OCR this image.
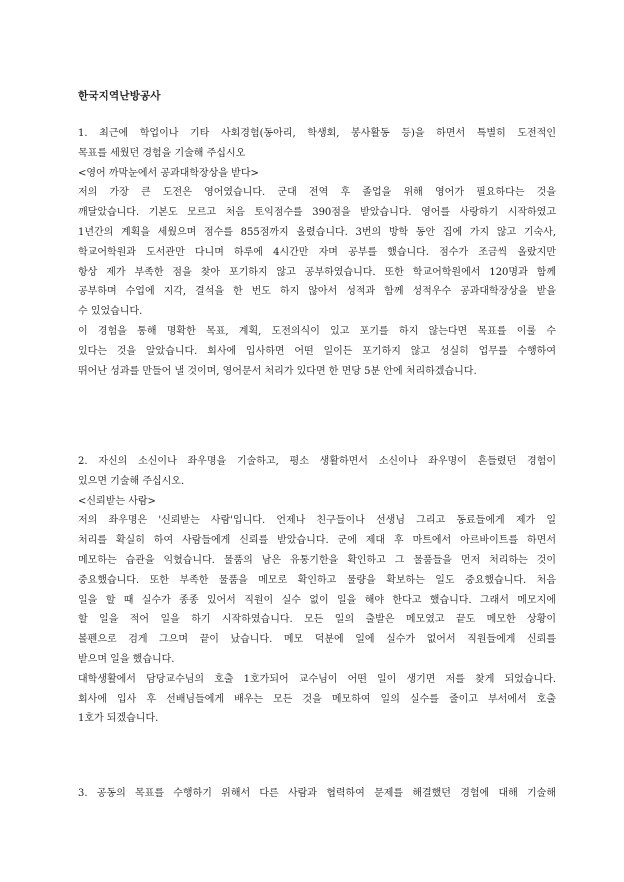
한국지역난방공사
1. 최근에 학업이나 기타 사회경험(동아리, 학생회, 봉사활동 등)을 하면서 특별히 도전적인
목표를 세웠던 경험을 기술해 주십시오
<영어 까막눈에서 공과대학장상을 받다>
저의 가장 큰 도전은 영어였습니다. 군대 전역 후 졸업을 위해 영어가 필요하다는 것을
깨달았습니다. 기본도 모르고 처음 토익점수를 390점을 받았습니다. 영어를 사랑하기 시작하였고
1년간의 계획을 세웠으며 점수를 855점까지 올렸습니다. 3번의 방학 동안 집에 가지 않고 기숙사,
학교어학원과 도서관만 다니며 하루에 4시간만 자며 공부를 했습니다. 점수가 조금씩 올랐지만
항상 제가 부족한 점을 찾아 포기하지 않고 공부하였습니다. 또한 학교어학원에서 120명과 함께
공부하며 수업에 지각, 결석을 한 번도 하지 않아서 성적과 함께 성적우수 공과대학장상을 받을
수 있었습니다.
이 경험을 통해 명확한 목표, 계획, 도전의식이 있고 포기를 하지 않는다면 목표를 이룰 수
있다는 것을 알았습니다. 회사에 입사하면 어떤 일이든 포기하지 않고 성실히 업무를 수행하여
뛰어난 성과를 만들어 낼 것이며, 영어문서 처리가 있다면 한 면당 5분 안에 처리하겠습니다.
2. 자신의 소신이나 좌우명을 기술하고, 평소 생활하면서 소신이나 좌우명이 흔들렸던 경험이
있으면 기술해 주십시오.
<신뢰받는 사람>
저의 좌우명은 '신뢰받는 사람'입니다. 언제나 친구들이나 선생님 그리고 동료들에게 제가 일
처리를 확실히 하여 사람들에게 신뢰를 받았습니다. 군에 제대 후 마트에서 아르바이트를 하면서
메모하는 습관을 익혔습니다. 물품의 남은 유통기한을 확인하고 그 물품들을 먼저 처리하는 것이
중요했습니다. 또한 부족한 물품을 메모로 확인하고 물량을 확보하는 일도 중요했습니다. 처음
일을 할 때 실수가 종종 있어서 직원이 실수 없이 일을 해야 한다고 했습니다. 그래서 메모지에
할 일을 적어 일을 하기 시작하였습니다. 모든 일의 출발은 메모였고 끝도 메모한 상황이
볼펜으로 검게 그으며 끝이 났습니다. 메모 덕분에 일에 실수가 없어서 직원들에게 신뢰를
받으며 일을 했습니다.
대학생활에서 담당교수님의 호출 1호가되어 교수님이 어떤 일이 생기면 저를 찾게 되었습니다.
회사에 입사 후 선배님들에게 배우는 모든 것을 메모하여 일의 실수를 줄이고 부서에서 호출
1호가 되겠습니다.
3. 공동의 목표를 수행하기 위해서 다른 사람과 협력하여 문제를 해결했던 경험에 대해 기술해
